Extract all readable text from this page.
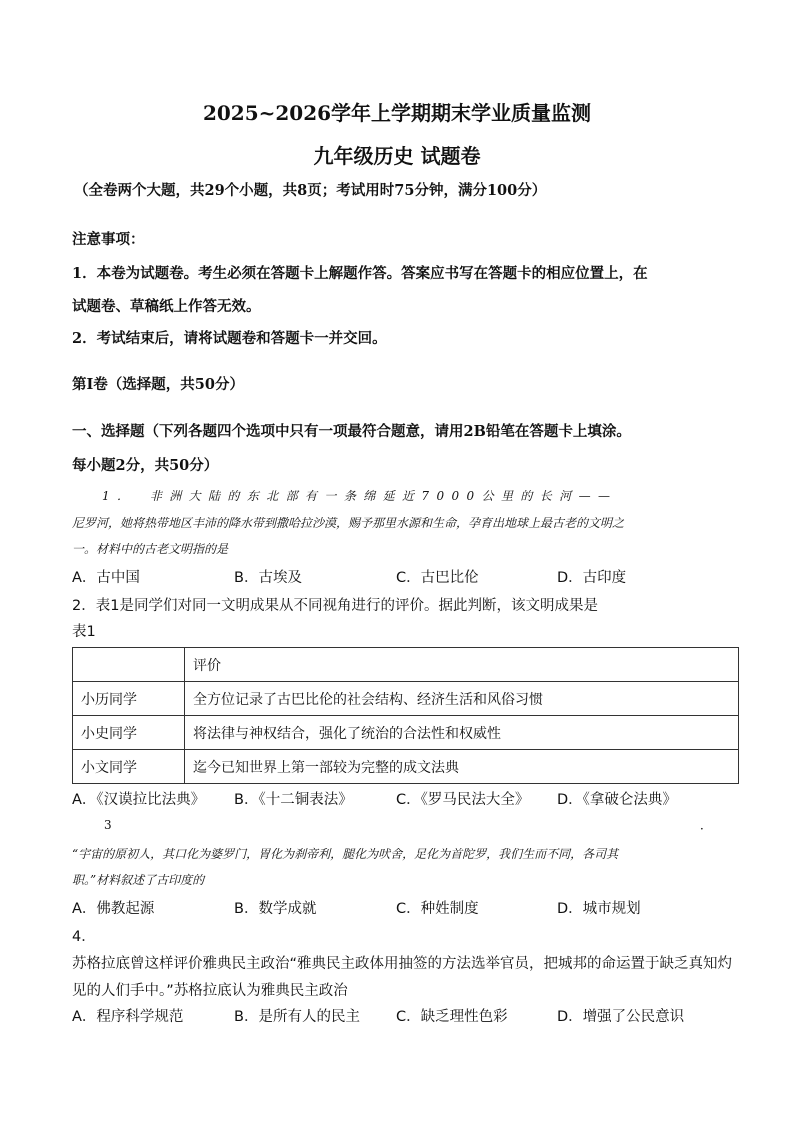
2025~2026学年上学期期末学业质量监测
九年级历史 试题卷
（全卷两个大题，共29个小题，共8页；考试用时75分钟，满分100分）
注意事项：
1．本卷为试题卷。考生必须在答题卡上解题作答。答案应书写在答题卡的相应位置上，在
试题卷、草稿纸上作答无效。
2．考试结束后，请将试题卷和答题卡一并交回。
第Ⅰ卷（选择题，共50分）
一、选择题（下列各题四个选项中只有一项最符合题意，请用2B铅笔在答题卡上填涂。
每小题2分，共50分）
1．　非洲大陆的东北部有一条绵延近7000公里的长河——
尼罗河，她将热带地区丰沛的降水带到撒哈拉沙漠，赐予那里水源和生命，孕育出地球上最古老的文明之
一。材料中的古老文明指的是
A．古中国	B．古埃及	C．古巴比伦	D．古印度
2．表1是同学们对同一文明成果从不同视角进行的评价。据此判断，该文明成果是
表1
	评价
小历同学	全方位记录了古巴比伦的社会结构、经济生活和风俗习惯
小史同学	将法律与神权结合，强化了统治的合法性和权威性
小文同学	迄今已知世界上第一部较为完整的成文法典
A．《汉谟拉比法典》 B．《十二铜表法》	C．《罗马民法大全》 D．《拿破仑法典》
3	．
“宇宙的原初人，其口化为婆罗门，胃化为刹帝利，腿化为吠舍，足化为首陀罗，我们生而不同，各司其
职。”材料叙述了古印度的
A．佛教起源	B．数学成就	C．种姓制度	D．城市规划
4．
苏格拉底曾这样评价雅典民主政治“雅典民主政体用抽签的方法选举官员，把城邦的命运置于缺乏真知灼
见的人们手中。”苏格拉底认为雅典民主政治
A．程序科学规范	B．是所有人的民主 C．缺乏理性色彩	D．增强了公民意识
